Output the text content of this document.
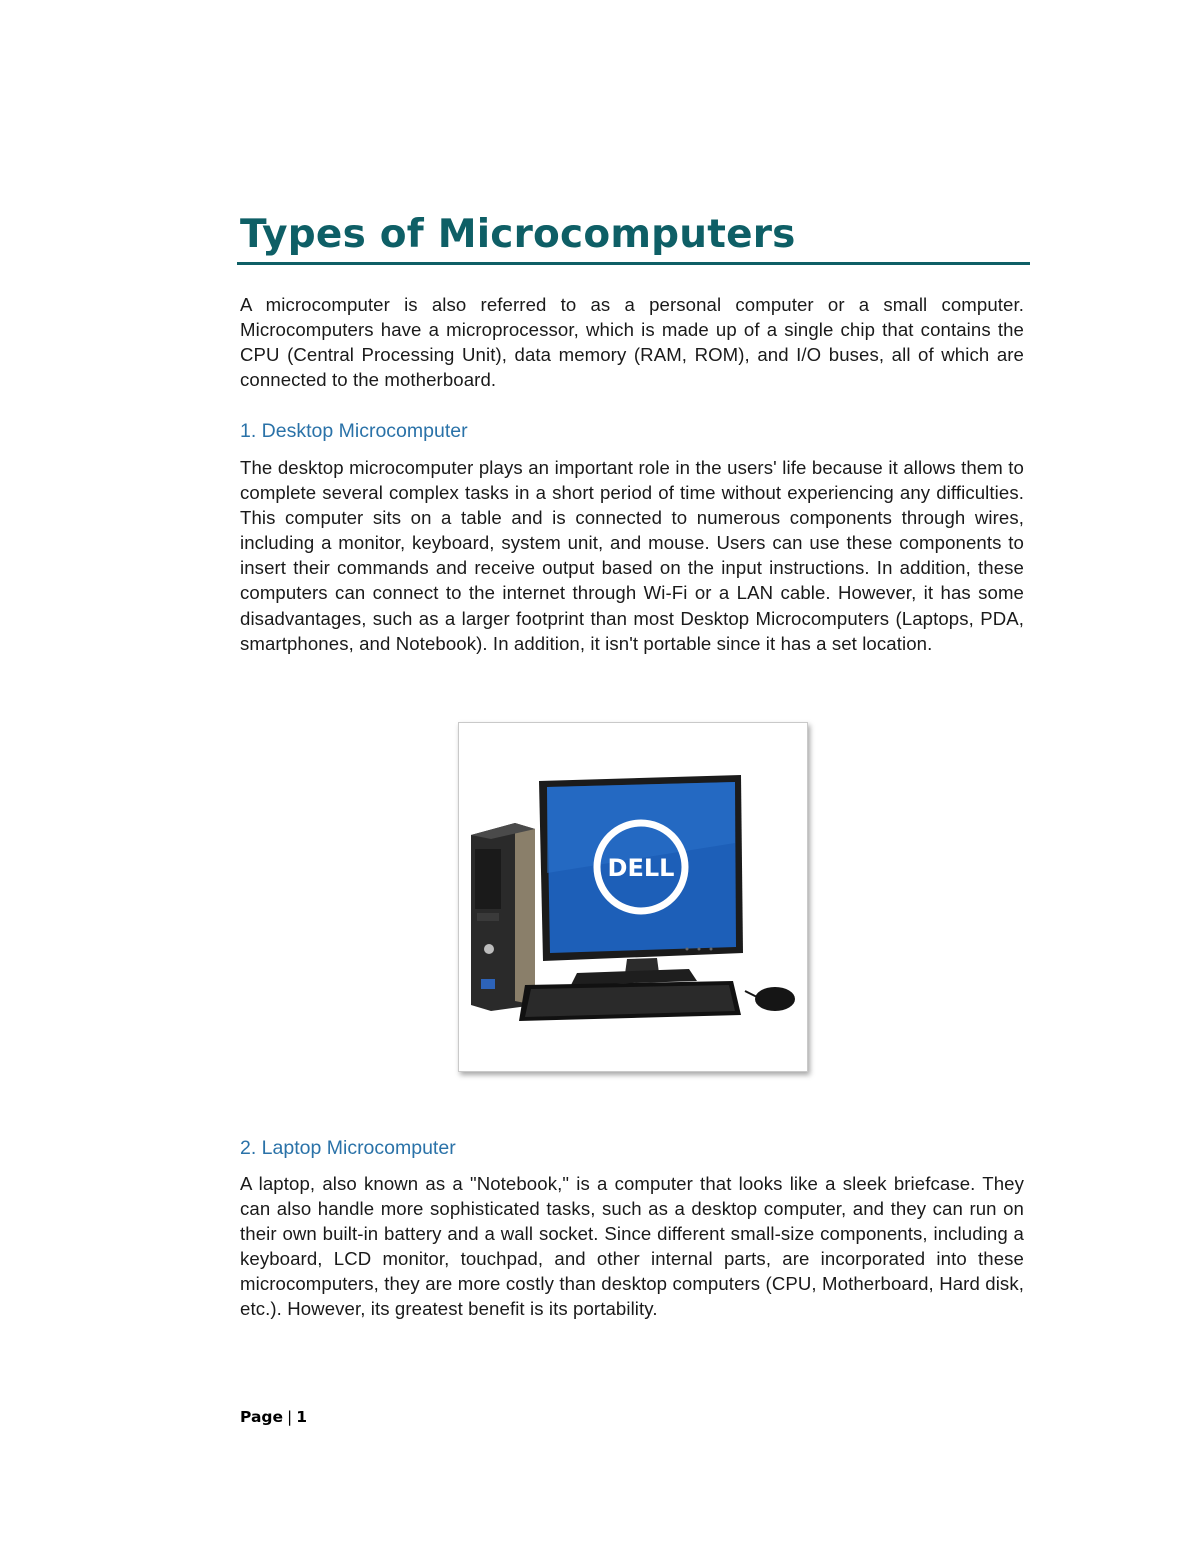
Types of Microcomputers

A microcomputer is also referred to as a personal computer or a small computer. Microcomputers have a microprocessor, which is made up of a single chip that contains the CPU (Central Processing Unit), data memory (RAM, ROM), and I/O buses, all of which are connected to the motherboard.

1. Desktop Microcomputer

The desktop microcomputer plays an important role in the users' life because it allows them to complete several complex tasks in a short period of time without experiencing any difficulties. This computer sits on a table and is connected to numerous components through wires, including a monitor, keyboard, system unit, and mouse. Users can use these components to insert their commands and receive output based on the input instructions. In addition, these computers can connect to the internet through Wi-Fi or a LAN cable. However, it has some disadvantages, such as a larger footprint than most Desktop Microcomputers (Laptops, PDA, smartphones, and Notebook). In addition, it isn't portable since it has a set location.

DELL
2. Laptop Microcomputer

A laptop, also known as a "Notebook," is a computer that looks like a sleek briefcase. They can also handle more sophisticated tasks, such as a desktop computer, and they can run on their own built-in battery and a wall socket. Since different small-size components, including a keyboard, LCD monitor, touchpad, and other internal parts, are incorporated into these microcomputers, they are more costly than desktop computers (CPU, Motherboard, Hard disk, etc.). However, its greatest benefit is its portability.

Page | 1
